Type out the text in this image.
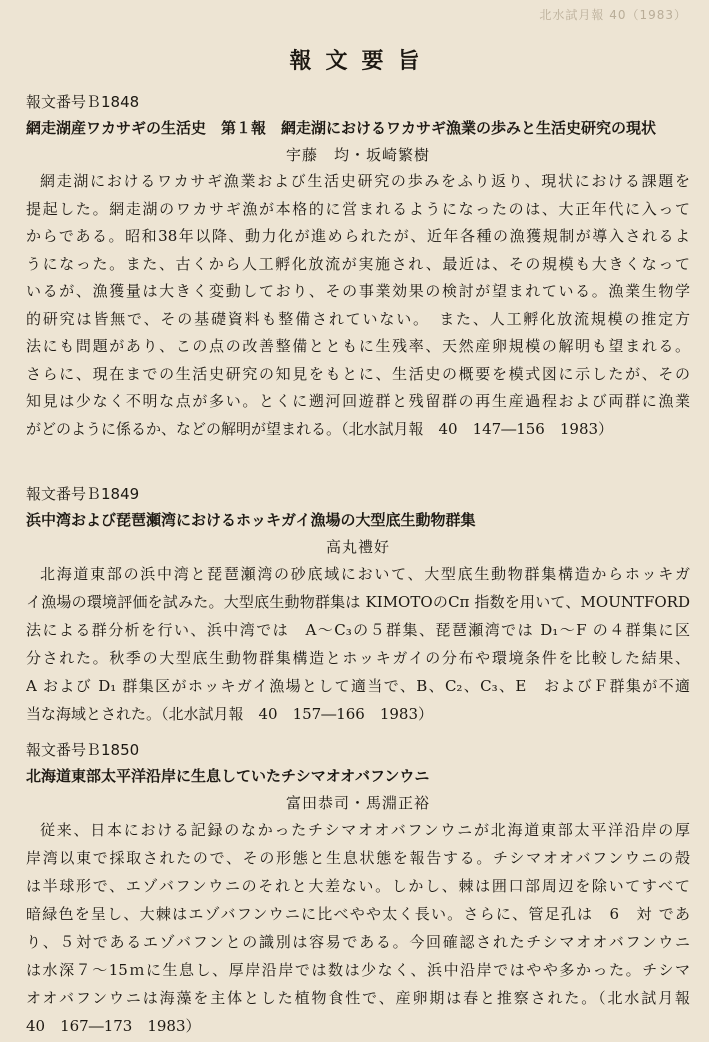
北水試月報 40（1983）
報文要旨
報文番号Ｂ1848
網走湖産ワカサギの生活史　第１報　網走湖におけるワカサギ漁業の歩みと生活史研究の現状
宇藤　均・坂崎繁樹
網走湖におけるワカサギ漁業および生活史研究の歩みをふり返り、現状における課題を
提起した。網走湖のワカサギ漁が本格的に営まれるようになったのは、大正年代に入って
からである。昭和38年以降、動力化が進められたが、近年各種の漁獲規制が導入されるよ
うになった。また、古くから人工孵化放流が実施され、最近は、その規模も大きくなって
いるが、漁獲量は大きく変動しており、その事業効果の検討が望まれている。漁業生物学
的研究は皆無で、その基礎資料も整備されていない。　また、人工孵化放流規模の推定方
法にも問題があり、この点の改善整備とともに生残率、天然産卵規模の解明も望まれる。
さらに、現在までの生活史研究の知見をもとに、生活史の概要を模式図に示したが、その
知見は少なく不明な点が多い。とくに遡河回遊群と残留群の再生産過程および両群に漁業
がどのように係るか、などの解明が望まれる。（北水試月報　40　147―156　1983）
報文番号Ｂ1849
浜中湾および琵琶瀬湾におけるホッキガイ漁場の大型底生動物群集
高丸禮好
北海道東部の浜中湾と琵琶瀬湾の砂底域において、大型底生動物群集構造からホッキガ
イ漁場の環境評価を試みた。大型底生動物群集は KIMOTOのCπ 指数を用いて、MOUNTFORD
法による群分析を行い、浜中湾では　A～C₃の５群集、琵琶瀬湾では D₁～F の４群集に区
分された。秋季の大型底生動物群集構造とホッキガイの分布や環境条件を比較した結果、
A および D₁ 群集区がホッキガイ漁場として適当で、B、C₂、C₃、E　およびＦ群集が不適
当な海域とされた。（北水試月報　40　157―166　1983）
報文番号Ｂ1850
北海道東部太平洋沿岸に生息していたチシマオオバフンウニ
富田恭司・馬淵正裕
従来、日本における記録のなかったチシマオオバフンウニが北海道東部太平洋沿岸の厚
岸湾以東で採取されたので、その形態と生息状態を報告する。チシマオオバフンウニの殻
は半球形で、エゾバフンウニのそれと大差ない。しかし、棘は囲口部周辺を除いてすべて
暗緑色を呈し、大棘はエゾバフンウニに比べやや太く長い。さらに、管足孔は　6　対 であ
り、５対であるエゾバフンとの識別は容易である。今回確認されたチシマオオバフンウニ
は水深７～15ｍに生息し、厚岸沿岸では数は少なく、浜中沿岸ではやや多かった。チシマ
オオバフンウニは海藻を主体とした植物食性で、産卵期は春と推察された。（北水試月報
40　167―173　1983）
